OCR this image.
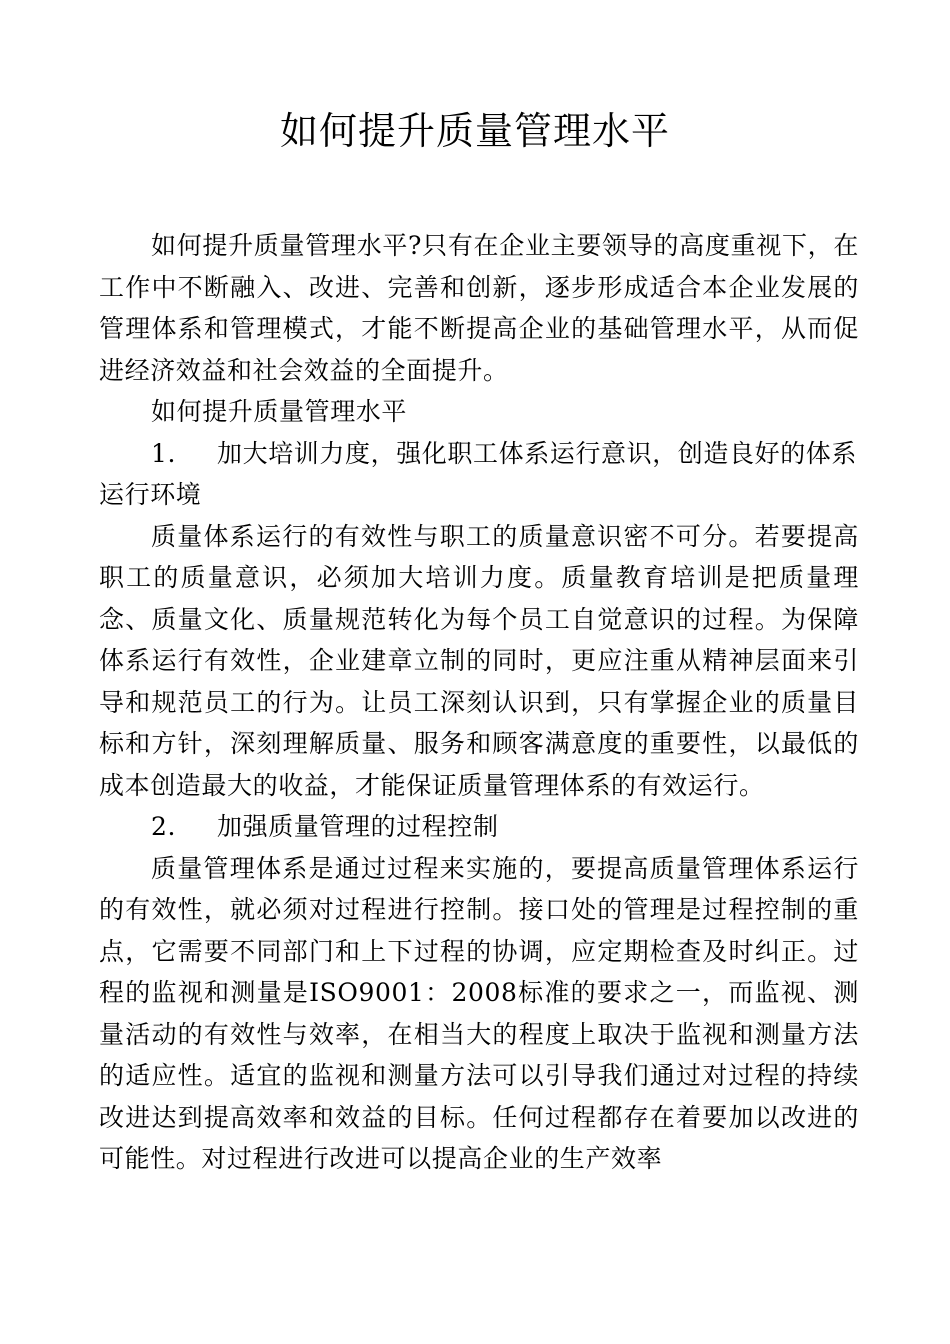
如何提升质量管理水平

如何提升质量管理水平?只有在企业主要领导的高度重视下，在工作中不断融入、改进、完善和创新，逐步形成适合本企业发展的管理体系和管理模式，才能不断提高企业的基础管理水平，从而促进经济效益和社会效益的全面提升。

如何提升质量管理水平

1. 加大培训力度，强化职工体系运行意识，创造良好的体系运行环境

质量体系运行的有效性与职工的质量意识密不可分。若要提高职工的质量意识，必须加大培训力度。质量教育培训是把质量理念、质量文化、质量规范转化为每个员工自觉意识的过程。为保障体系运行有效性，企业建章立制的同时，更应注重从精神层面来引导和规范员工的行为。让员工深刻认识到，只有掌握企业的质量目标和方针，深刻理解质量、服务和顾客满意度的重要性，以最低的成本创造最大的收益，才能保证质量管理体系的有效运行。

2. 加强质量管理的过程控制

质量管理体系是通过过程来实施的，要提高质量管理体系运行的有效性，就必须对过程进行控制。接口处的管理是过程控制的重点，它需要不同部门和上下过程的协调，应定期检查及时纠正。过程的监视和测量是ISO9001：2008标准的要求之一，而监视、测量活动的有效性与效率，在相当大的程度上取决于监视和测量方法的适应性。适宜的监视和测量方法可以引导我们通过对过程的持续改进达到提高效率和效益的目标。任何过程都存在着要加以改进的可能性。对过程进行改进可以提高企业的生产效率
